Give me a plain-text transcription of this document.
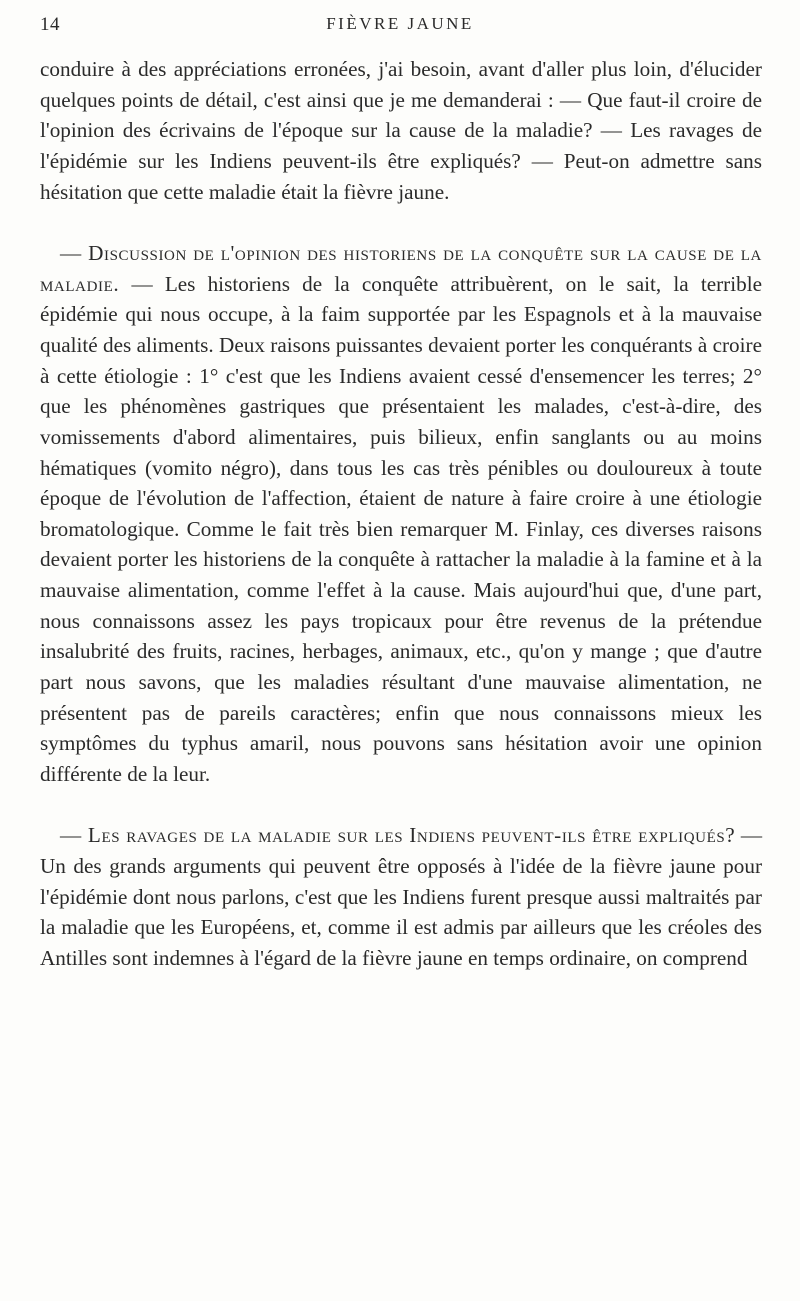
14	FIÈVRE JAUNE

conduire à des appréciations erronées, j'ai besoin, avant d'aller plus loin, d'élucider quelques points de détail, c'est ainsi que je me demanderai : — Que faut-il croire de l'opinion des écrivains de l'époque sur la cause de la maladie? — Les ravages de l'épidémie sur les Indiens peuvent-ils être expliqués? — Peut-on admettre sans hésitation que cette maladie était la fièvre jaune.

— Discussion de l'opinion des historiens de la conquête sur la cause de la maladie. — Les historiens de la conquête attribuèrent, on le sait, la terrible épidémie qui nous occupe, à la faim supportée par les Espagnols et à la mauvaise qualité des aliments. Deux raisons puissantes devaient porter les conquérants à croire à cette étiologie : 1° c'est que les Indiens avaient cessé d'ensemencer les terres; 2° que les phénomènes gastriques que présentaient les malades, c'est-à-dire, des vomissements d'abord alimentaires, puis bilieux, enfin sanglants ou au moins hématiques (vomito négro), dans tous les cas très pénibles ou douloureux à toute époque de l'évolution de l'affection, étaient de nature à faire croire à une étiologie bromatologique. Comme le fait très bien remarquer M. Finlay, ces diverses raisons devaient porter les historiens de la conquête à rattacher la maladie à la famine et à la mauvaise alimentation, comme l'effet à la cause. Mais aujourd'hui que, d'une part, nous connaissons assez les pays tropicaux pour être revenus de la prétendue insalubrité des fruits, racines, herbages, animaux, etc., qu'on y mange ; que d'autre part nous savons, que les maladies résultant d'une mauvaise alimentation, ne présentent pas de pareils caractères; enfin que nous connaissons mieux les symptômes du typhus amaril, nous pouvons sans hésitation avoir une opinion différente de la leur.

— Les ravages de la maladie sur les Indiens peuvent-ils être expliqués? — Un des grands arguments qui peuvent être opposés à l'idée de la fièvre jaune pour l'épidémie dont nous parlons, c'est que les Indiens furent presque aussi maltraités par la maladie que les Européens, et, comme il est admis par ailleurs que les créoles des Antilles sont indemnes à l'égard de la fièvre jaune en temps ordinaire, on comprend
